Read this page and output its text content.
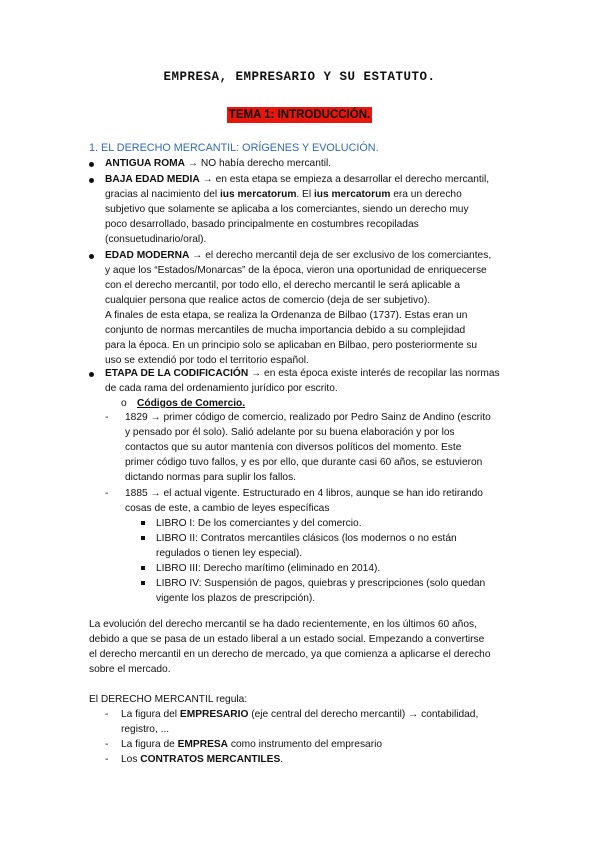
EMPRESA, EMPRESARIO Y SU ESTATUTO.
TEMA 1: INTRODUCCIÓN.
1. EL DERECHO MERCANTIL: ORÍGENES Y EVOLUCIÓN.
ANTIGUA ROMA → NO había derecho mercantil.
BAJA EDAD MEDIA → en esta etapa se empieza a desarrollar el derecho mercantil,
gracias al nacimiento del ius mercatorum. El ius mercatorum era un derecho
subjetivo que solamente se aplicaba a los comerciantes, siendo un derecho muy
poco desarrollado, basado principalmente en costumbres recopiladas
(consuetudinario/oral).
EDAD MODERNA → el derecho mercantil deja de ser exclusivo de los comerciantes,
y aque los “Estados/Monarcas” de la época, vieron una oportunidad de enriquecerse
con el derecho mercantil, por todo ello, el derecho mercantil le será aplicable a
cualquier persona que realice actos de comercio (deja de ser subjetivo).
A finales de esta etapa, se realiza la Ordenanza de Bilbao (1737). Estas eran un
conjunto de normas mercantiles de mucha importancia debido a su complejidad
para la época. En un principio solo se aplicaban en Bilbao, pero posteriormente su
uso se extendió por todo el territorio español.
ETAPA DE LA CODIFICACIÓN → en esta época existe interés de recopilar las normas
de cada rama del ordenamiento jurídico por escrito.
o Códigos de Comercio.
- 1829 → primer código de comercio, realizado por Pedro Sainz de Andino (escrito
y pensado por él solo). Salió adelante por su buena elaboración y por los
contactos que su autor mantenía con diversos políticos del momento. Este
primer código tuvo fallos, y es por ello, que durante casi 60 años, se estuvieron
dictando normas para suplir los fallos.
- 1885 → el actual vigente. Estructurado en 4 libros, aunque se han ido retirando
cosas de este, a cambio de leyes específicas
LIBRO I: De los comerciantes y del comercio.
LIBRO II: Contratos mercantiles clásicos (los modernos o no están
regulados o tienen ley especial).
LIBRO III: Derecho marítimo (eliminado en 2014).
LIBRO IV: Suspensión de pagos, quiebras y prescripciones (solo quedan
vigente los plazos de prescripción).
La evolución del derecho mercantil se ha dado recientemente, en los últimos 60 años,
debido a que se pasa de un estado liberal a un estado social. Empezando a convertirse
el derecho mercantil en un derecho de mercado, ya que comienza a aplicarse el derecho
sobre el mercado.
El DERECHO MERCANTIL regula:
- La figura del EMPRESARIO (eje central del derecho mercantil) → contabilidad,
registro, ...
- La figura de EMPRESA como instrumento del empresario
- Los CONTRATOS MERCANTILES.
